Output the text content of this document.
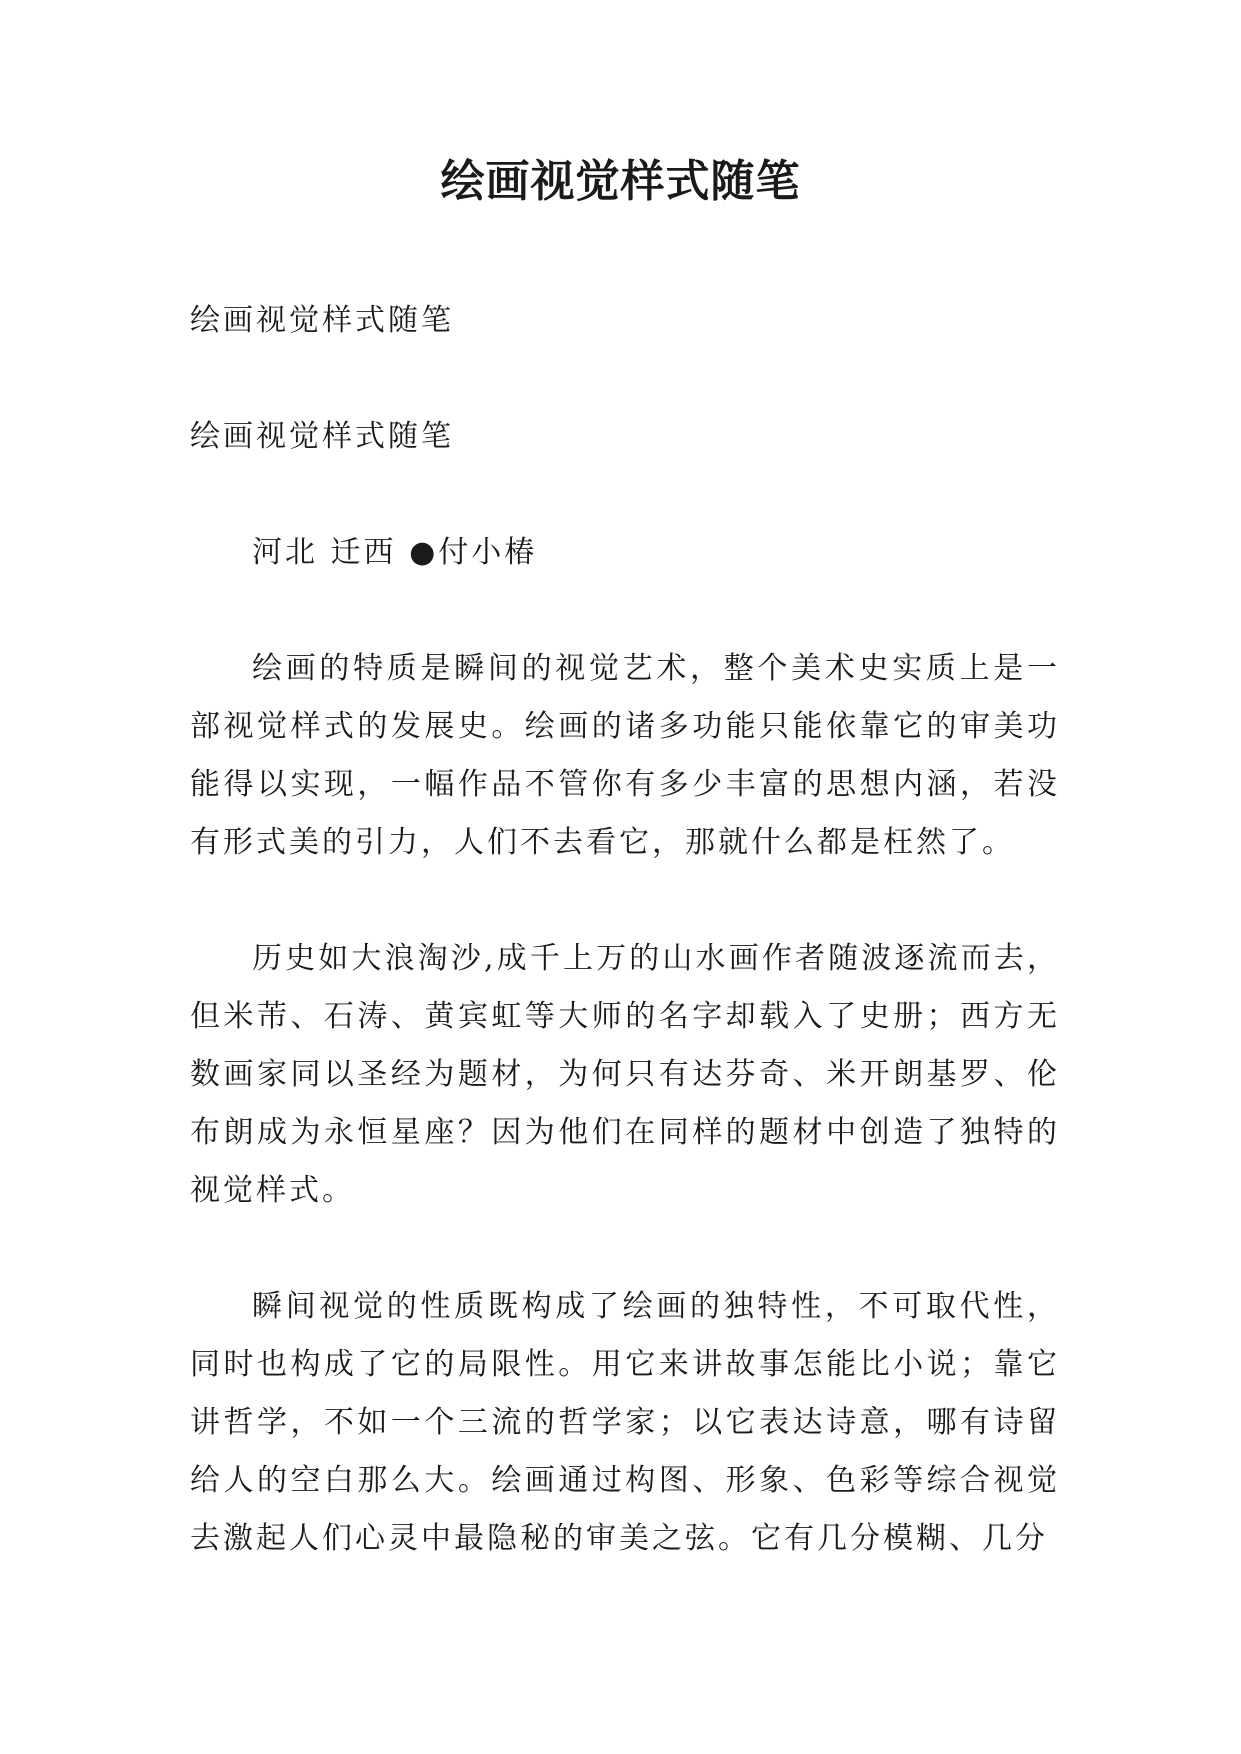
绘画视觉样式随笔

绘画视觉样式随笔

绘画视觉样式随笔

河北 迁西 ●付小椿

绘画的特质是瞬间的视觉艺术，整个美术史实质上是一部视觉样式的发展史。绘画的诸多功能只能依靠它的审美功能得以实现，一幅作品不管你有多少丰富的思想内涵，若没有形式美的引力，人们不去看它，那就什么都是枉然了。

历史如大浪淘沙,成千上万的山水画作者随波逐流而去，但米芾、石涛、黄宾虹等大师的名字却载入了史册；西方无数画家同以圣经为题材，为何只有达芬奇、米开朗基罗、伦布朗成为永恒星座？因为他们在同样的题材中创造了独特的视觉样式。

瞬间视觉的性质既构成了绘画的独特性，不可取代性，同时也构成了它的局限性。用它来讲故事怎能比小说；靠它讲哲学，不如一个三流的哲学家；以它表达诗意，哪有诗留给人的空白那么大。绘画通过构图、形象、色彩等综合视觉去激起人们心灵中最隐秘的审美之弦。它有几分模糊、几分
